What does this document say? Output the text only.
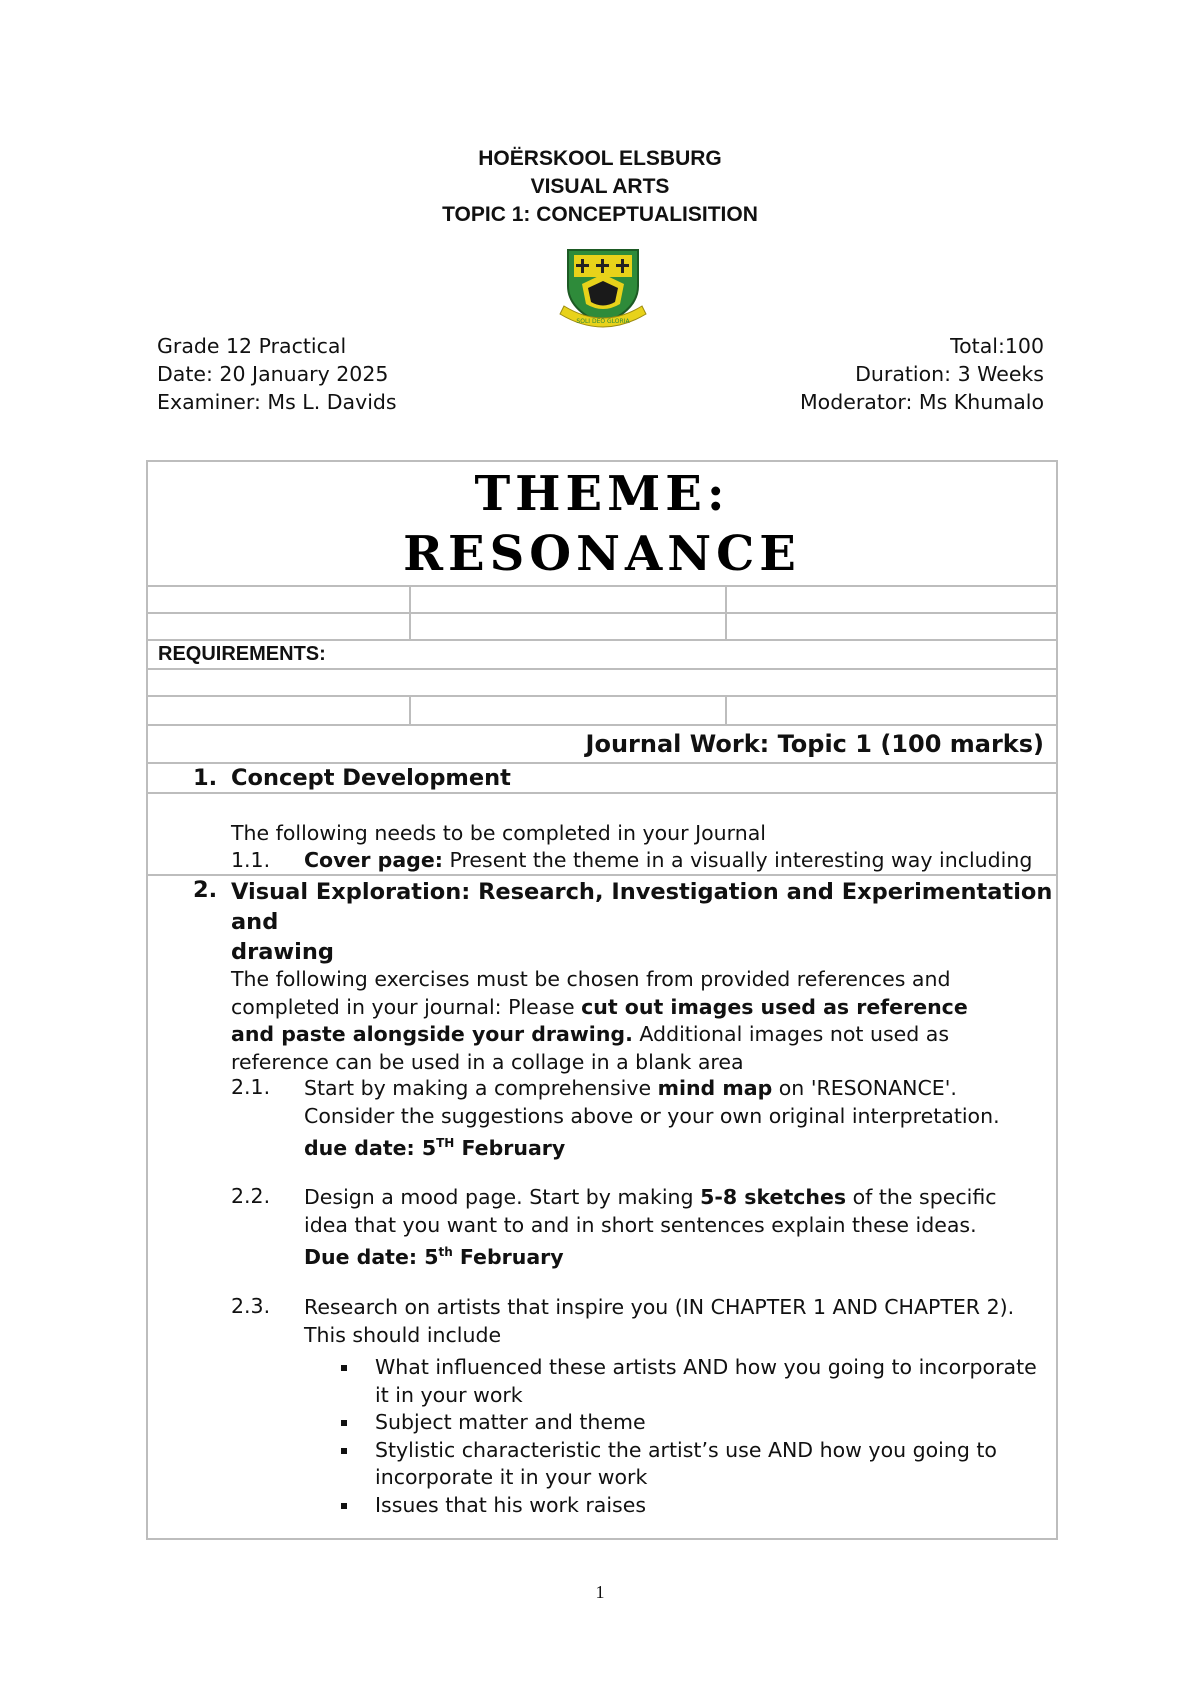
HOËRSKOOL ELSBURG
VISUAL ARTS
TOPIC 1: CONCEPTUALISITION
SOLI DEO GLORIA
Grade 12 Practical
Date: 20 January 2025
Examiner: Ms L. Davids
Total:100
Duration: 3 Weeks
Moderator: Ms Khumalo
THEME:
RESONANCE
REQUIREMENTS:
Journal Work: Topic 1 (100 marks)
1. Concept Development
The following needs to be completed in your Journal
1.1. Cover page: Present the theme in a visually interesting way including
2. Visual Exploration: Research, Investigation and Experimentation and
drawing
The following exercises must be chosen from provided references and completed in your journal: Please cut out images used as reference and paste alongside your drawing. Additional images not used as reference can be used in a collage in a blank area
2.1. Start by making a comprehensive mind map on 'RESONANCE'. Consider the suggestions above or your own original interpretation.
due date: 5TH February
2.2. Design a mood page. Start by making 5-8 sketches of the specific idea that you want to and in short sentences explain these ideas.
Due date: 5th February
2.3. Research on artists that inspire you (IN CHAPTER 1 AND CHAPTER 2). This should include
What influenced these artists AND how you going to incorporate it in your work
Subject matter and theme
Stylistic characteristic the artist’s use AND how you going to incorporate it in your work
Issues that his work raises
1
